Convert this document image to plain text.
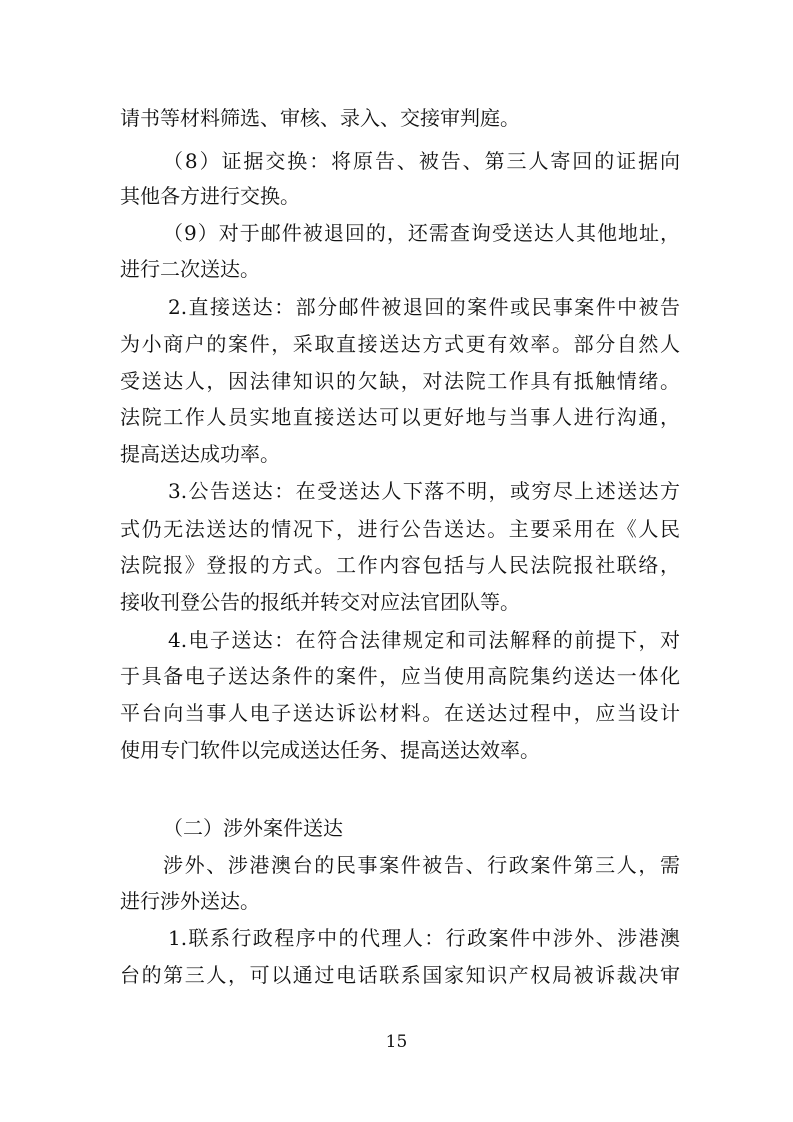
请书等材料筛选、审核、录入、交接审判庭。
（8）证据交换：将原告、被告、第三人寄回的证据向
其他各方进行交换。
（9）对于邮件被退回的，还需查询受送达人其他地址，
进行二次送达。
2.直接送达：部分邮件被退回的案件或民事案件中被告
为小商户的案件，采取直接送达方式更有效率。部分自然人
受送达人，因法律知识的欠缺，对法院工作具有抵触情绪。
法院工作人员实地直接送达可以更好地与当事人进行沟通，
提高送达成功率。
3.公告送达：在受送达人下落不明，或穷尽上述送达方
式仍无法送达的情况下，进行公告送达。主要采用在《人民
法院报》登报的方式。工作内容包括与人民法院报社联络，
接收刊登公告的报纸并转交对应法官团队等。
4.电子送达：在符合法律规定和司法解释的前提下，对
于具备电子送达条件的案件，应当使用高院集约送达一体化
平台向当事人电子送达诉讼材料。在送达过程中，应当设计
使用专门软件以完成送达任务、提高送达效率。
（二）涉外案件送达
涉外、涉港澳台的民事案件被告、行政案件第三人，需
进行涉外送达。
1.联系行政程序中的代理人：行政案件中涉外、涉港澳
台的第三人，可以通过电话联系国家知识产权局被诉裁决审
15
